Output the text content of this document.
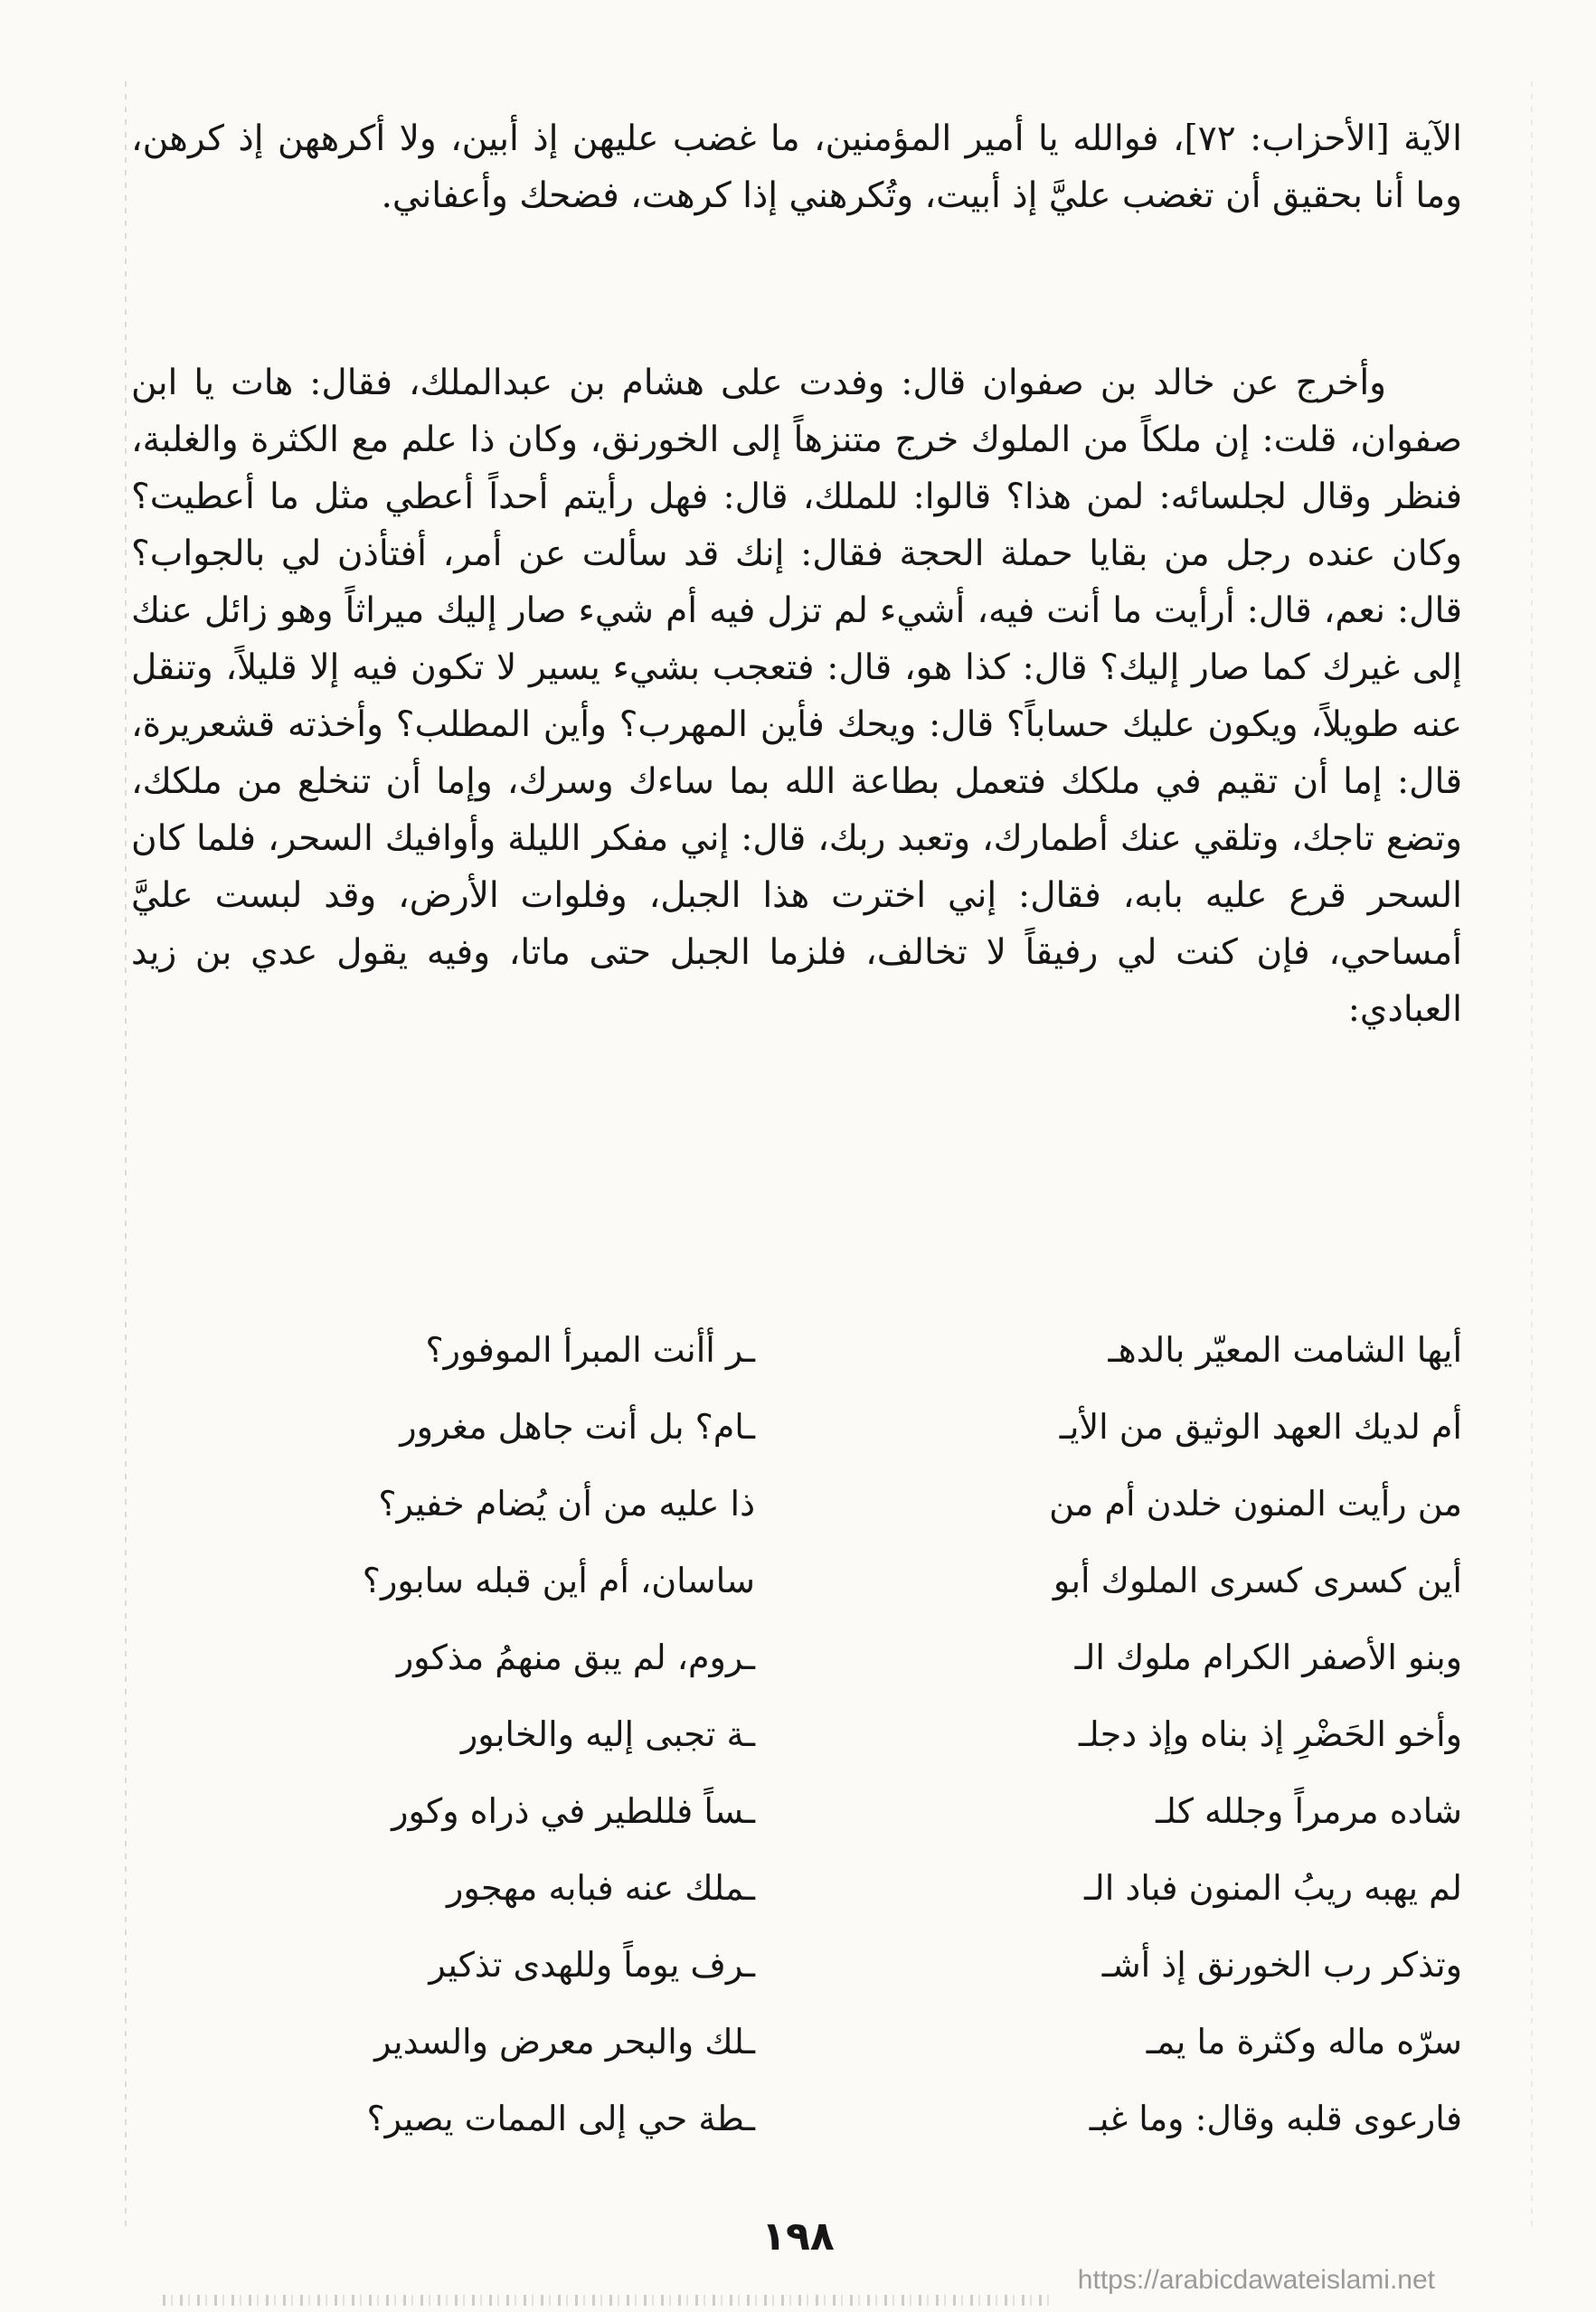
الآية [الأحزاب: ٧٢]، فوالله يا أمير المؤمنين، ما غضب عليهن إذ أبين، ولا أكرههن إذ كرهن، وما أنا بحقيق أن تغضب عليَّ إذ أبيت، وتُكرهني إذا كرهت، فضحك وأعفاني.
وأخرج عن خالد بن صفوان قال: وفدت على هشام بن عبدالملك، فقال: هات يا ابن صفوان، قلت: إن ملكاً من الملوك خرج متنزهاً إلى الخورنق، وكان ذا علم مع الكثرة والغلبة، فنظر وقال لجلسائه: لمن هذا؟ قالوا: للملك، قال: فهل رأيتم أحداً أعطي مثل ما أعطيت؟ وكان عنده رجل من بقايا حملة الحجة فقال: إنك قد سألت عن أمر، أفتأذن لي بالجواب؟ قال: نعم، قال: أرأيت ما أنت فيه، أشيء لم تزل فيه أم شيء صار إليك ميراثاً وهو زائل عنك إلى غيرك كما صار إليك؟ قال: كذا هو، قال: فتعجب بشيء يسير لا تكون فيه إلا قليلاً، وتنقل عنه طويلاً، ويكون عليك حساباً؟ قال: ويحك فأين المهرب؟ وأين المطلب؟ وأخذته قشعريرة، قال: إما أن تقيم في ملكك فتعمل بطاعة الله بما ساءك وسرك، وإما أن تنخلع من ملكك، وتضع تاجك، وتلقي عنك أطمارك، وتعبد ربك، قال: إني مفكر الليلة وأوافيك السحر، فلما كان السحر قرع عليه بابه، فقال: إني اخترت هذا الجبل، وفلوات الأرض، وقد لبست عليَّ أمساحي، فإن كنت لي رفيقاً لا تخالف، فلزما الجبل حتى ماتا، وفيه يقول عدي بن زيد العبادي:
أيها الشامت المعيّر بالدهـ
ـر أأنت المبرأ الموفور؟
أم لديك العهد الوثيق من الأيـ
ـام؟ بل أنت جاهل مغرور
من رأيت المنون خلدن أم من
ذا عليه من أن يُضام خفير؟
أين كسرى كسرى الملوك أبو
ساسان، أم أين قبله سابور؟
وبنو الأصفر الكرام ملوك الـ
ـروم، لم يبق منهمُ مذكور
وأخو الحَضْرِ إذ بناه وإذ دجلـ
ـة تجبى إليه والخابور
شاده مرمراً وجلله كلـ
ـساً فللطير في ذراه وكور
لم يهبه ريبُ المنون فباد الـ
ـملك عنه فبابه مهجور
وتذكر رب الخورنق إذ أشـ
ـرف يوماً وللهدى تذكير
سرّه ماله وكثرة ما يمـ
ـلك والبحر معرض والسدير
فارعوى قلبه وقال: وما غبـ
ـطة حي إلى الممات يصير؟
١٩٨
https://arabicdawateislami.net
